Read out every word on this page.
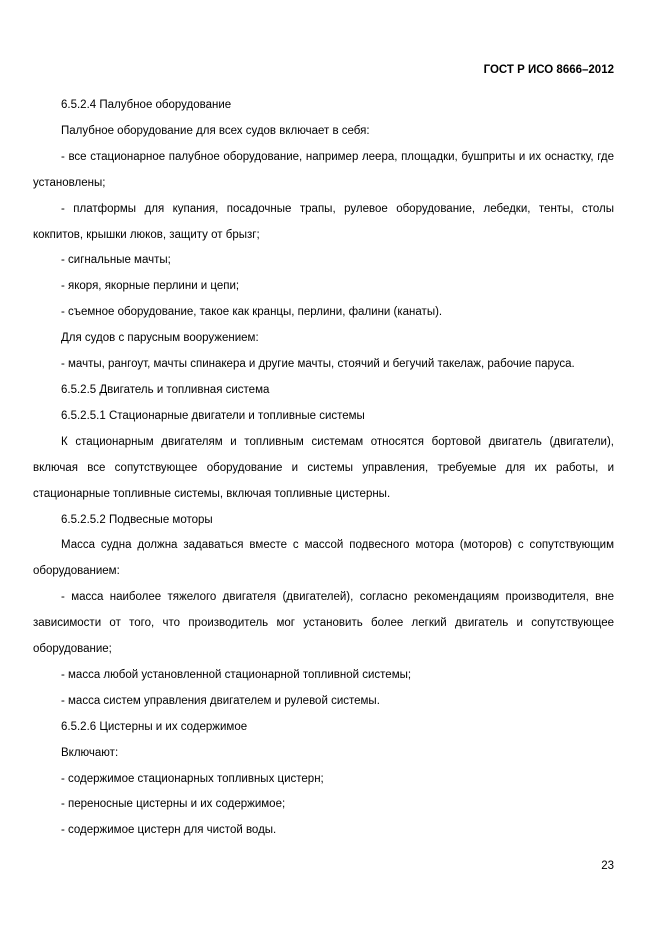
ГОСТ Р ИСО 8666–2012

6.5.2.4 Палубное оборудование

Палубное оборудование для всех судов включает в себя:

- все стационарное палубное оборудование, например леера, площадки, бушприты и их оснастку, где установлены;

- платформы для купания, посадочные трапы, рулевое оборудование, лебедки, тенты, столы кокпитов, крышки люков, защиту от брызг;

- сигнальные мачты;

- якоря, якорные перлини и цепи;

- съемное оборудование, такое как кранцы, перлини, фалини (канаты).

Для судов с парусным вооружением:

- мачты, рангоут, мачты спинакера и другие мачты, стоячий и бегучий такелаж, рабочие паруса.

6.5.2.5 Двигатель и топливная система

6.5.2.5.1 Стационарные двигатели и топливные системы

К стационарным двигателям и топливным системам относятся бортовой двигатель (двигатели), включая все сопутствующее оборудование и системы управления, требуемые для их работы, и стационарные топливные системы, включая топливные цистерны.

6.5.2.5.2 Подвесные моторы

Масса судна должна задаваться вместе с массой подвесного мотора (моторов) с сопутствующим оборудованием:

- масса наиболее тяжелого двигателя (двигателей), согласно рекомендациям производителя, вне зависимости от того, что производитель мог установить более легкий двигатель и сопутствующее оборудование;

- масса любой установленной стационарной топливной системы;

- масса систем управления двигателем и рулевой системы.

6.5.2.6 Цистерны и их содержимое

Включают:

- содержимое стационарных топливных цистерн;

- переносные цистерны и их содержимое;

- содержимое цистерн для чистой воды.

23
